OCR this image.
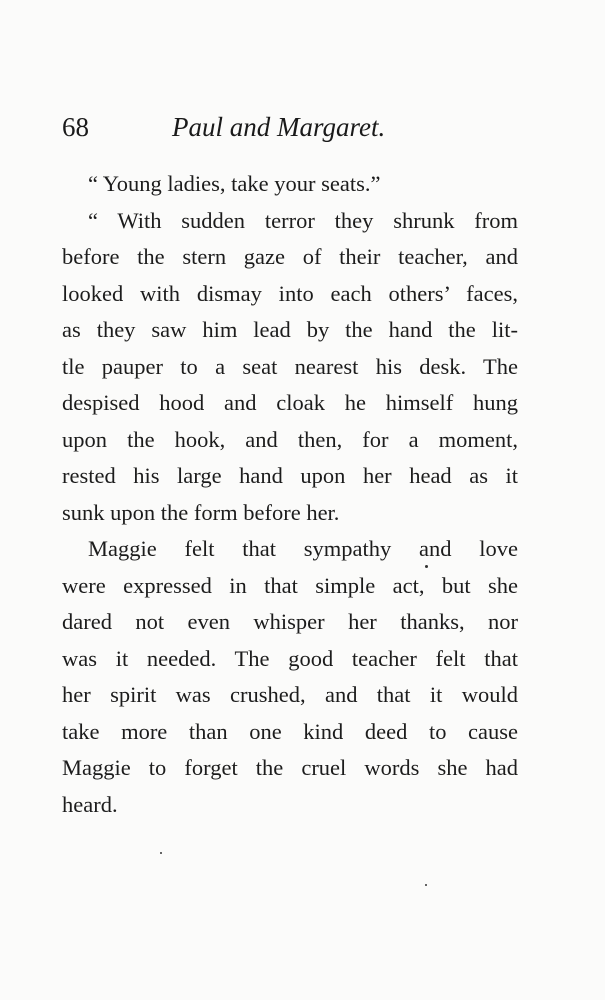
68	Paul and Margaret.
“ Young ladies, take your seats.”
“ With sudden terror they shrunk from
before the stern gaze of their teacher, and
looked with dismay into each others’ faces,
as they saw him lead by the hand the lit-
tle pauper to a seat nearest his desk. The
despised hood and cloak he himself hung
upon the hook, and then, for a moment,
rested his large hand upon her head as it
sunk upon the form before her.
Maggie felt that sympathy and love
were expressed in that simple act, but she
dared not even whisper her thanks, nor
was it needed. The good teacher felt that
her spirit was crushed, and that it would
take more than one kind deed to cause
Maggie to forget the cruel words she had
heard.
